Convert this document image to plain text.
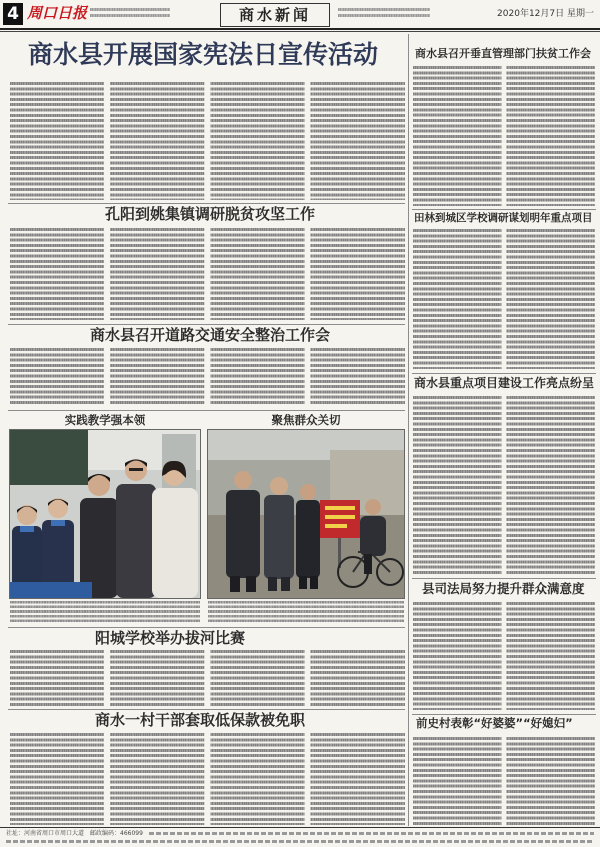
4 周口日报	商水新闻	2020年12月7日 星期一
商水县开展国家宪法日宣传活动
孔阳到姚集镇调研脱贫攻坚工作
商水县召开道路交通安全整治工作会
实践教学强本领	聚焦群众关切
阳城学校举办拔河比赛
商水一村干部套取低保款被免职
商水县召开垂直管理部门扶贫工作会
田林到城区学校调研谋划明年重点项目
商水县重点项目建设工作亮点纷呈
县司法局努力提升群众满意度
前史村表彰“好婆婆”“好媳妇”
社址：河南省周口市周口大道 邮政编码：466099
